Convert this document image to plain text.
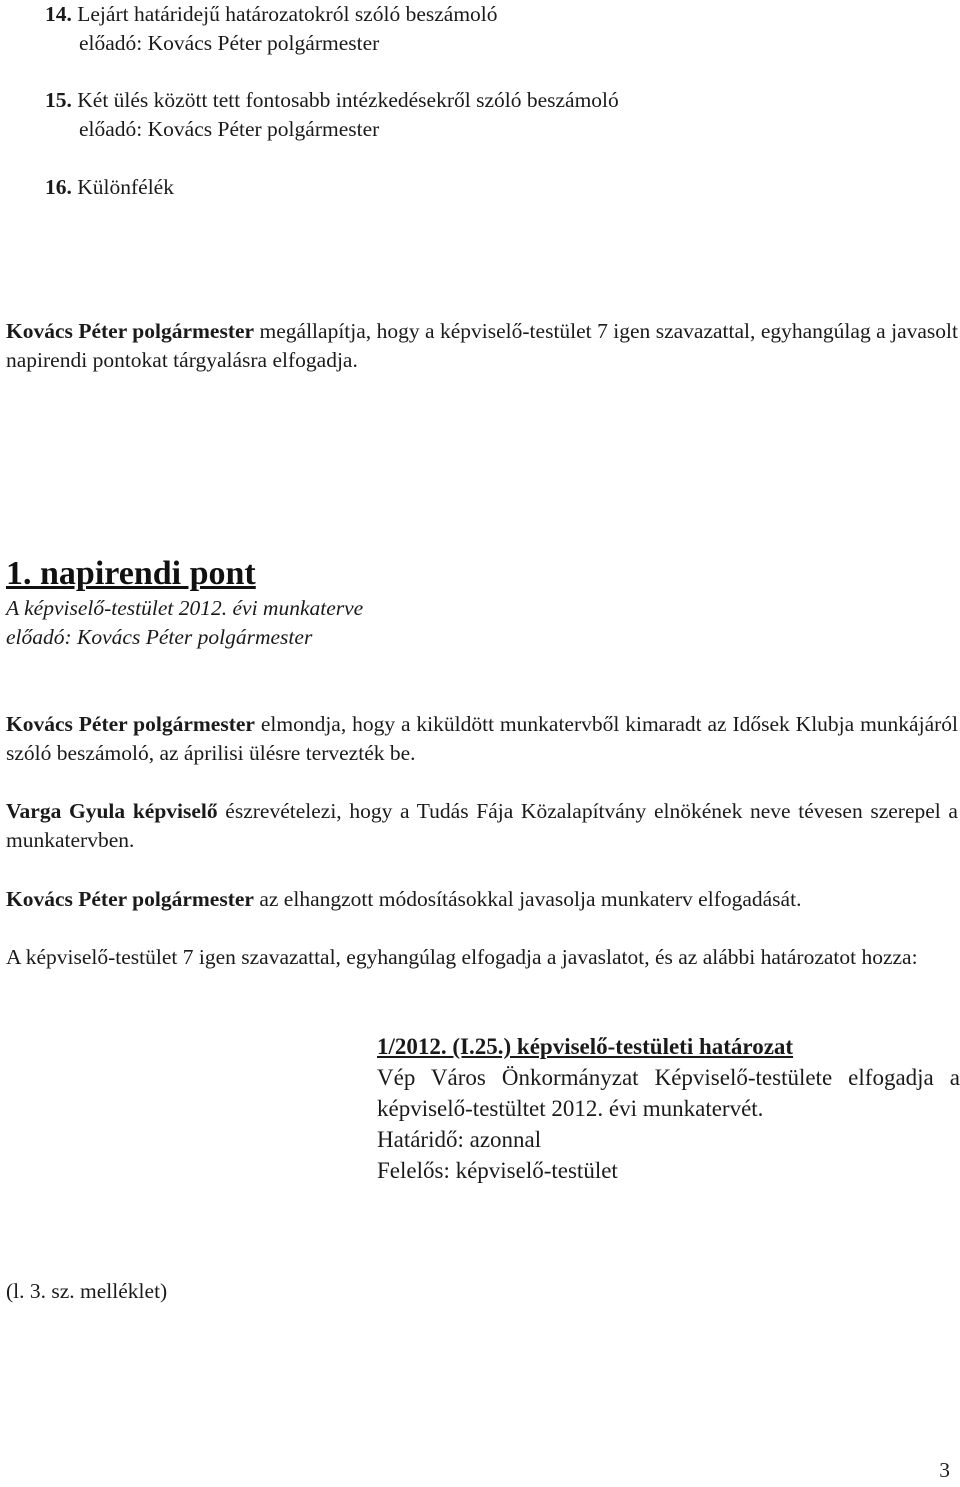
14. Lejárt határidejű határozatokról szóló beszámoló
előadó: Kovács Péter polgármester
15. Két ülés között tett fontosabb intézkedésekről szóló beszámoló
előadó: Kovács Péter polgármester
16. Különfélék

Kovács Péter polgármester megállapítja, hogy a képviselő-testület 7 igen szavazattal, egyhangúlag a javasolt napirendi pontokat tárgyalásra elfogadja.

1. napirendi pont
A képviselő-testület 2012. évi munkaterve
előadó: Kovács Péter polgármester

Kovács Péter polgármester elmondja, hogy a kiküldött munkatervből kimaradt az Idősek Klubja munkájáról szóló beszámoló, az áprilisi ülésre tervezték be.

Varga Gyula képviselő észrevételezi, hogy a Tudás Fája Közalapítvány elnökének neve tévesen szerepel a munkatervben.

Kovács Péter polgármester az elhangzott módosításokkal javasolja munkaterv elfogadását.

A képviselő-testület 7 igen szavazattal, egyhangúlag elfogadja a javaslatot, és az alábbi határozatot hozza:

1/2012. (I.25.) képviselő-testületi határozat
Vép Város Önkormányzat Képviselő-testülete elfogadja a képviselő-testültet 2012. évi munkatervét.
Határidő: azonnal
Felelős: képviselő-testület
(l. 3. sz. melléklet)
3
